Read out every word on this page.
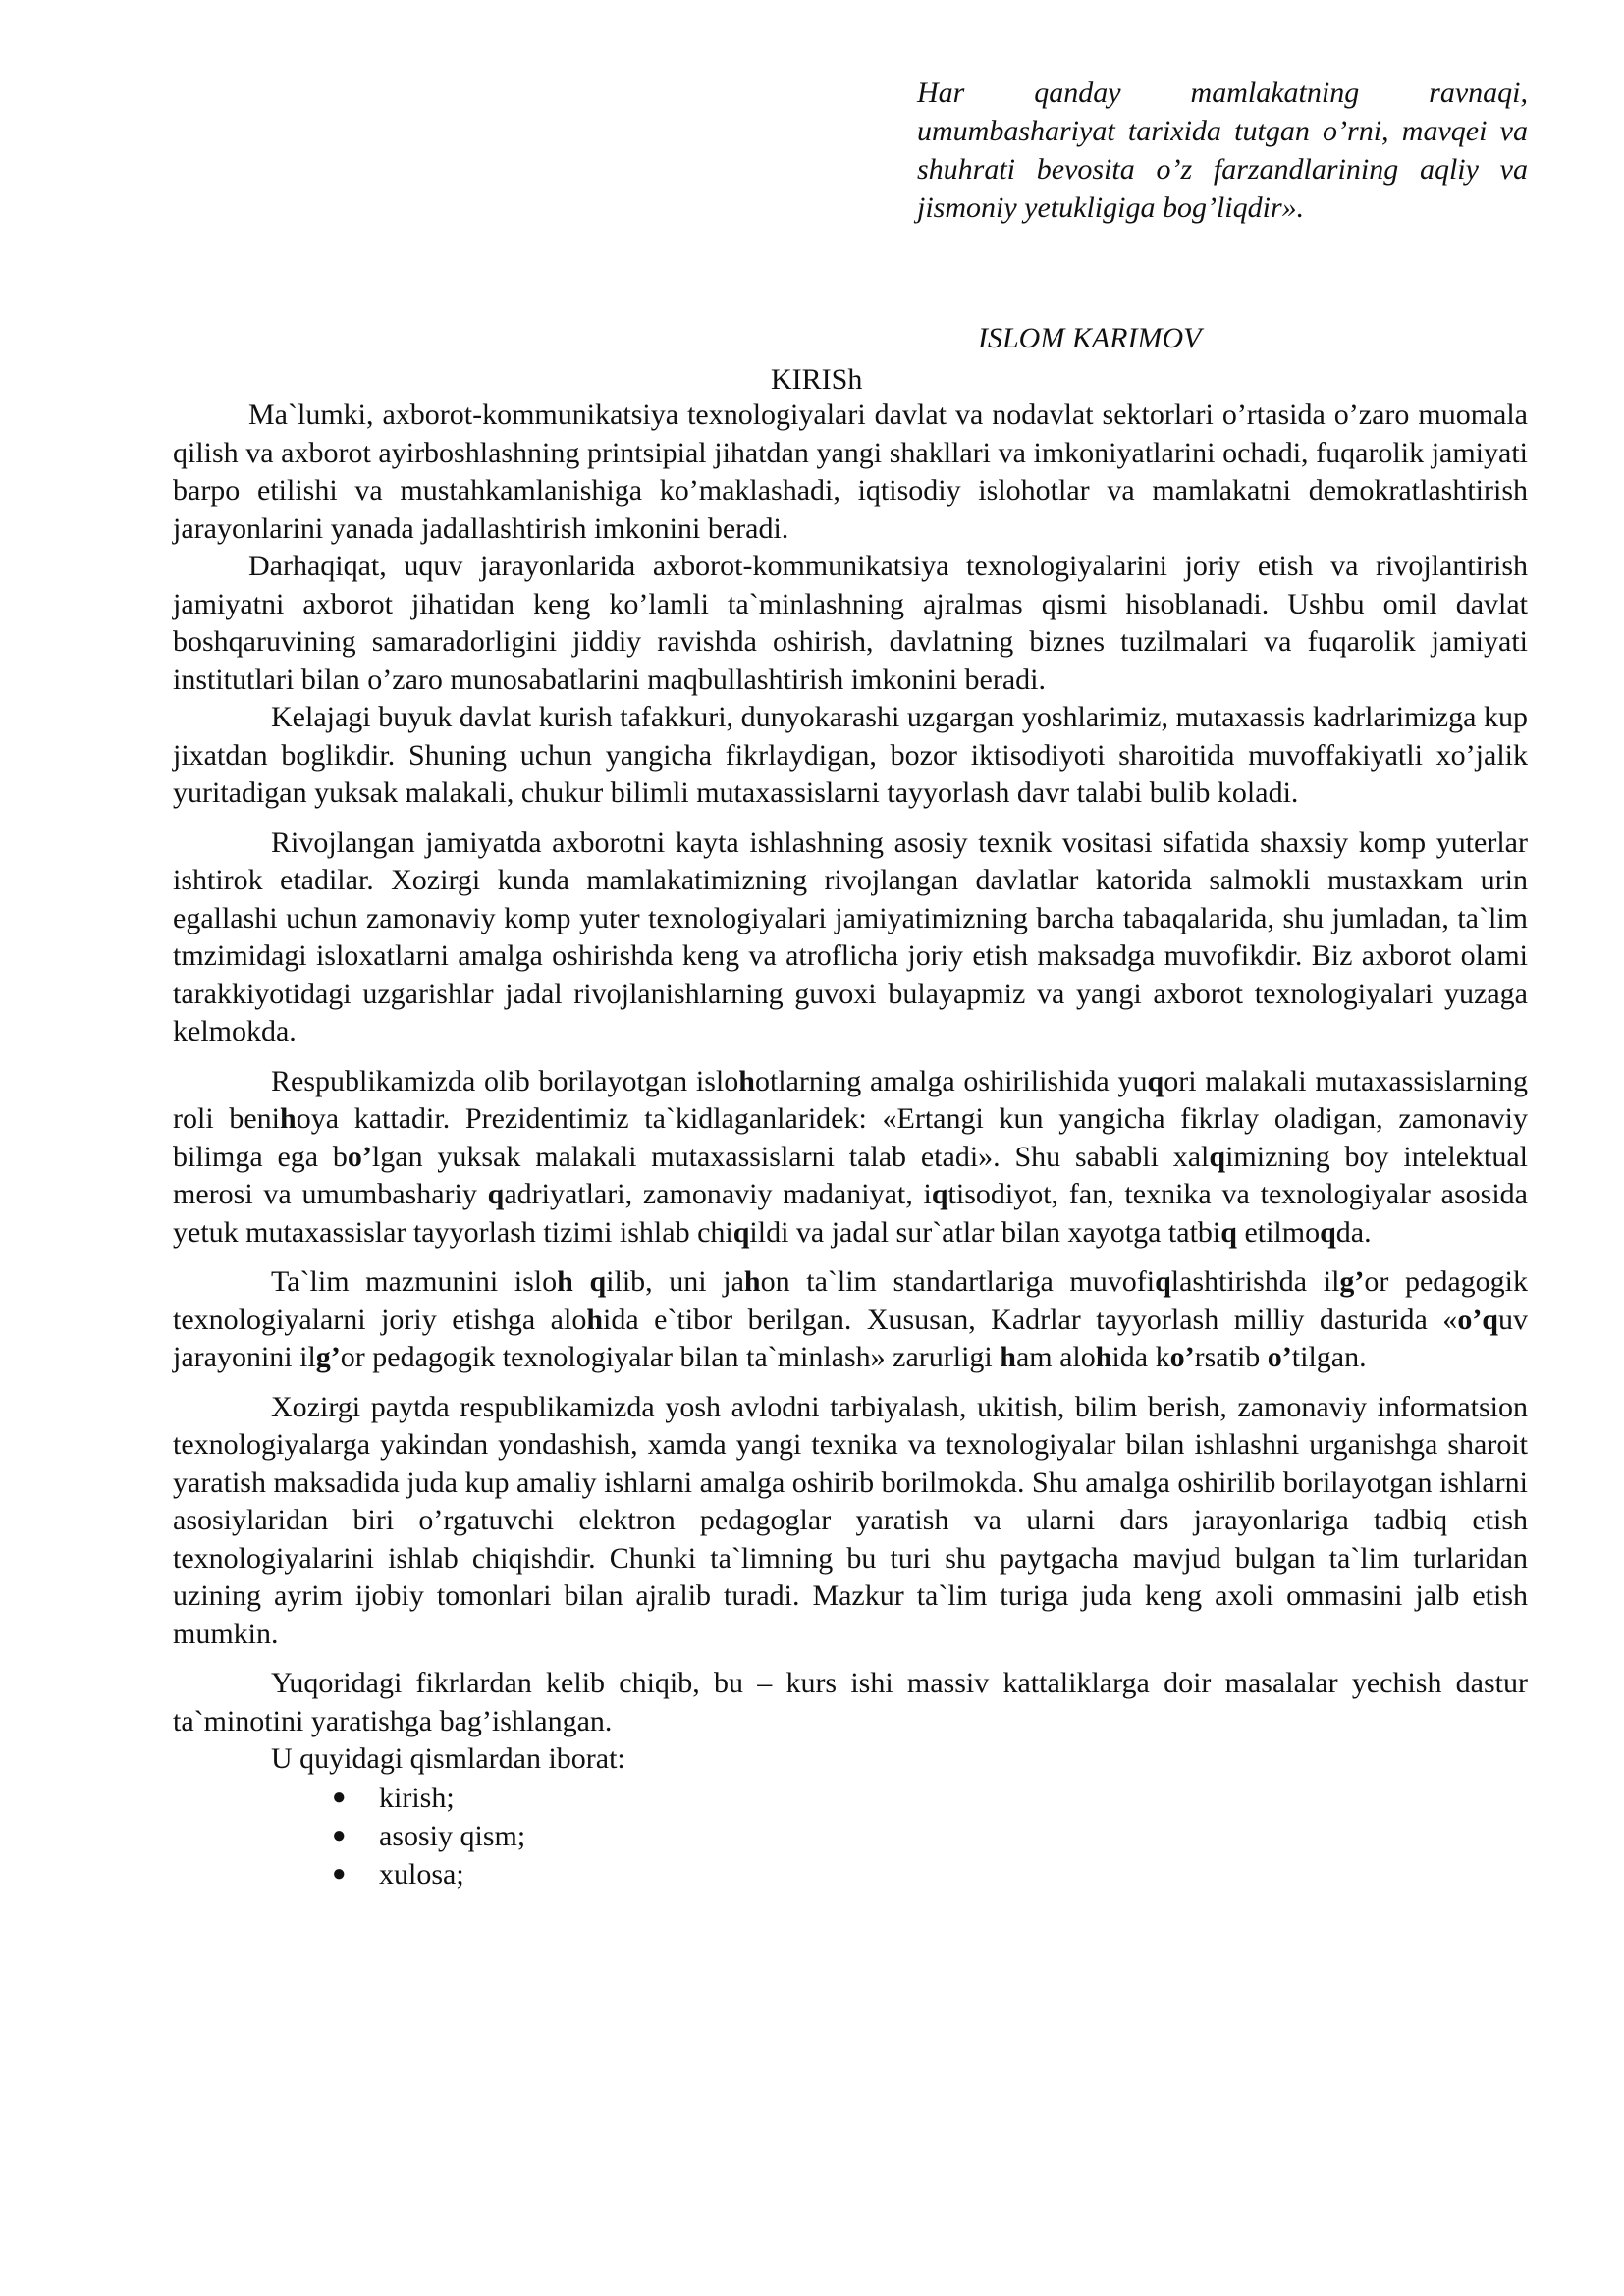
Har qanday mamlakatning ravnaqi, umumbashariyat tarixida tutgan o’rni, mavqei va shuhrati bevosita o’z farzandlarining aqliy va jismoniy yetukligiga bog’liqdir».
ISLOM KARIMOV
KIRISh

Ma`lumki, axborot-kommunikatsiya texnologiyalari davlat va nodavlat sektorlari o’rtasida o’zaro muomala qilish va axborot ayirboshlashning printsipial jihatdan yangi shakllari va imkoniyatlarini ochadi, fuqarolik jamiyati barpo etilishi va mustahkamlanishiga ko’maklashadi, iqtisodiy islohotlar va mamlakatni demokratlashtirish jarayonlarini yanada jadallashtirish imkonini beradi.

Darhaqiqat, uquv jarayonlarida axborot-kommunikatsiya texnologiyalarini joriy etish va rivojlantirish jamiyatni axborot jihatidan keng ko’lamli ta`minlashning ajralmas qismi hisoblanadi. Ushbu omil davlat boshqaruvining samaradorligini jiddiy ravishda oshirish, davlatning biznes tuzilmalari va fuqarolik jamiyati institutlari bilan o’zaro munosabatlarini maqbullashtirish imkonini beradi.

Kelajagi buyuk davlat kurish tafakkuri, dunyokarashi uzgargan yoshlarimiz, mutaxassis kadrlarimizga kup jixatdan boglikdir. Shuning uchun yangicha fikrlaydigan, bozor iktisodiyoti sharoitida muvoffakiyatli xo’jalik yuritadigan yuksak malakali, chukur bilimli mutaxassislarni tayyorlash davr talabi bulib koladi.

Rivojlangan jamiyatda axborotni kayta ishlashning asosiy texnik vositasi sifatida shaxsiy komp yuterlar ishtirok etadilar. Xozirgi kunda mamlakatimizning rivojlangan davlatlar katorida salmokli mustaxkam urin egallashi uchun zamonaviy komp yuter texnologiyalari jamiyatimizning barcha tabaqalarida, shu jumladan, ta`lim tmzimidagi isloxatlarni amalga oshirishda keng va atroflicha joriy etish maksadga muvofikdir. Biz axborot olami tarakkiyotidagi uzgarishlar jadal rivojlanishlarning guvoxi bulayapmiz va yangi axborot texnologiyalari yuzaga kelmokda.

Respublikamizda olib borilayotgan islohotlarning amalga oshirilishida yuqori malakali mutaxassislarning roli benihoya kattadir. Prezidentimiz ta`kidlaganlaridek: «Ertangi kun yangicha fikrlay oladigan, zamonaviy bilimga ega bo’lgan yuksak malakali mutaxassislarni talab etadi». Shu sababli xalqimizning boy intelektual merosi va umumbashariy qadriyatlari, zamonaviy madaniyat, iqtisodiyot, fan, texnika va texnologiyalar asosida yetuk mutaxassislar tayyorlash tizimi ishlab chiqildi va jadal sur`atlar bilan xayotga tatbiq etilmoqda.

Ta`lim mazmunini isloh qilib, uni jahon ta`lim standartlariga muvofiqlashtirishda ilg’or pedagogik texnologiyalarni joriy etishga alohida e`tibor berilgan. Xususan, Kadrlar tayyorlash milliy dasturida «o’quv jarayonini ilg’or pedagogik texnologiyalar bilan ta`minlash» zarurligi ham alohida ko’rsatib o’tilgan.

Xozirgi paytda respublikamizda yosh avlodni tarbiyalash, ukitish, bilim berish, zamonaviy informatsion texnologiyalarga yakindan yondashish, xamda yangi texnika va texnologiyalar bilan ishlashni urganishga sharoit yaratish maksadida juda kup amaliy ishlarni amalga oshirib borilmokda. Shu amalga oshirilib borilayotgan ishlarni asosiylaridan biri o’rgatuvchi elektron pedagoglar yaratish va ularni dars jarayonlariga tadbiq etish texnologiyalarini ishlab chiqishdir. Chunki ta`limning bu turi shu paytgacha mavjud bulgan ta`lim turlaridan uzining ayrim ijobiy tomonlari bilan ajralib turadi. Mazkur ta`lim turiga juda keng axoli ommasini jalb etish mumkin.

Yuqoridagi fikrlardan kelib chiqib, bu – kurs ishi massiv kattaliklarga doir masalalar yechish dastur ta`minotini yaratishga bag’ishlangan.

U quyidagi qismlardan iborat:

● kirish;
● asosiy qism;
● xulosa;
